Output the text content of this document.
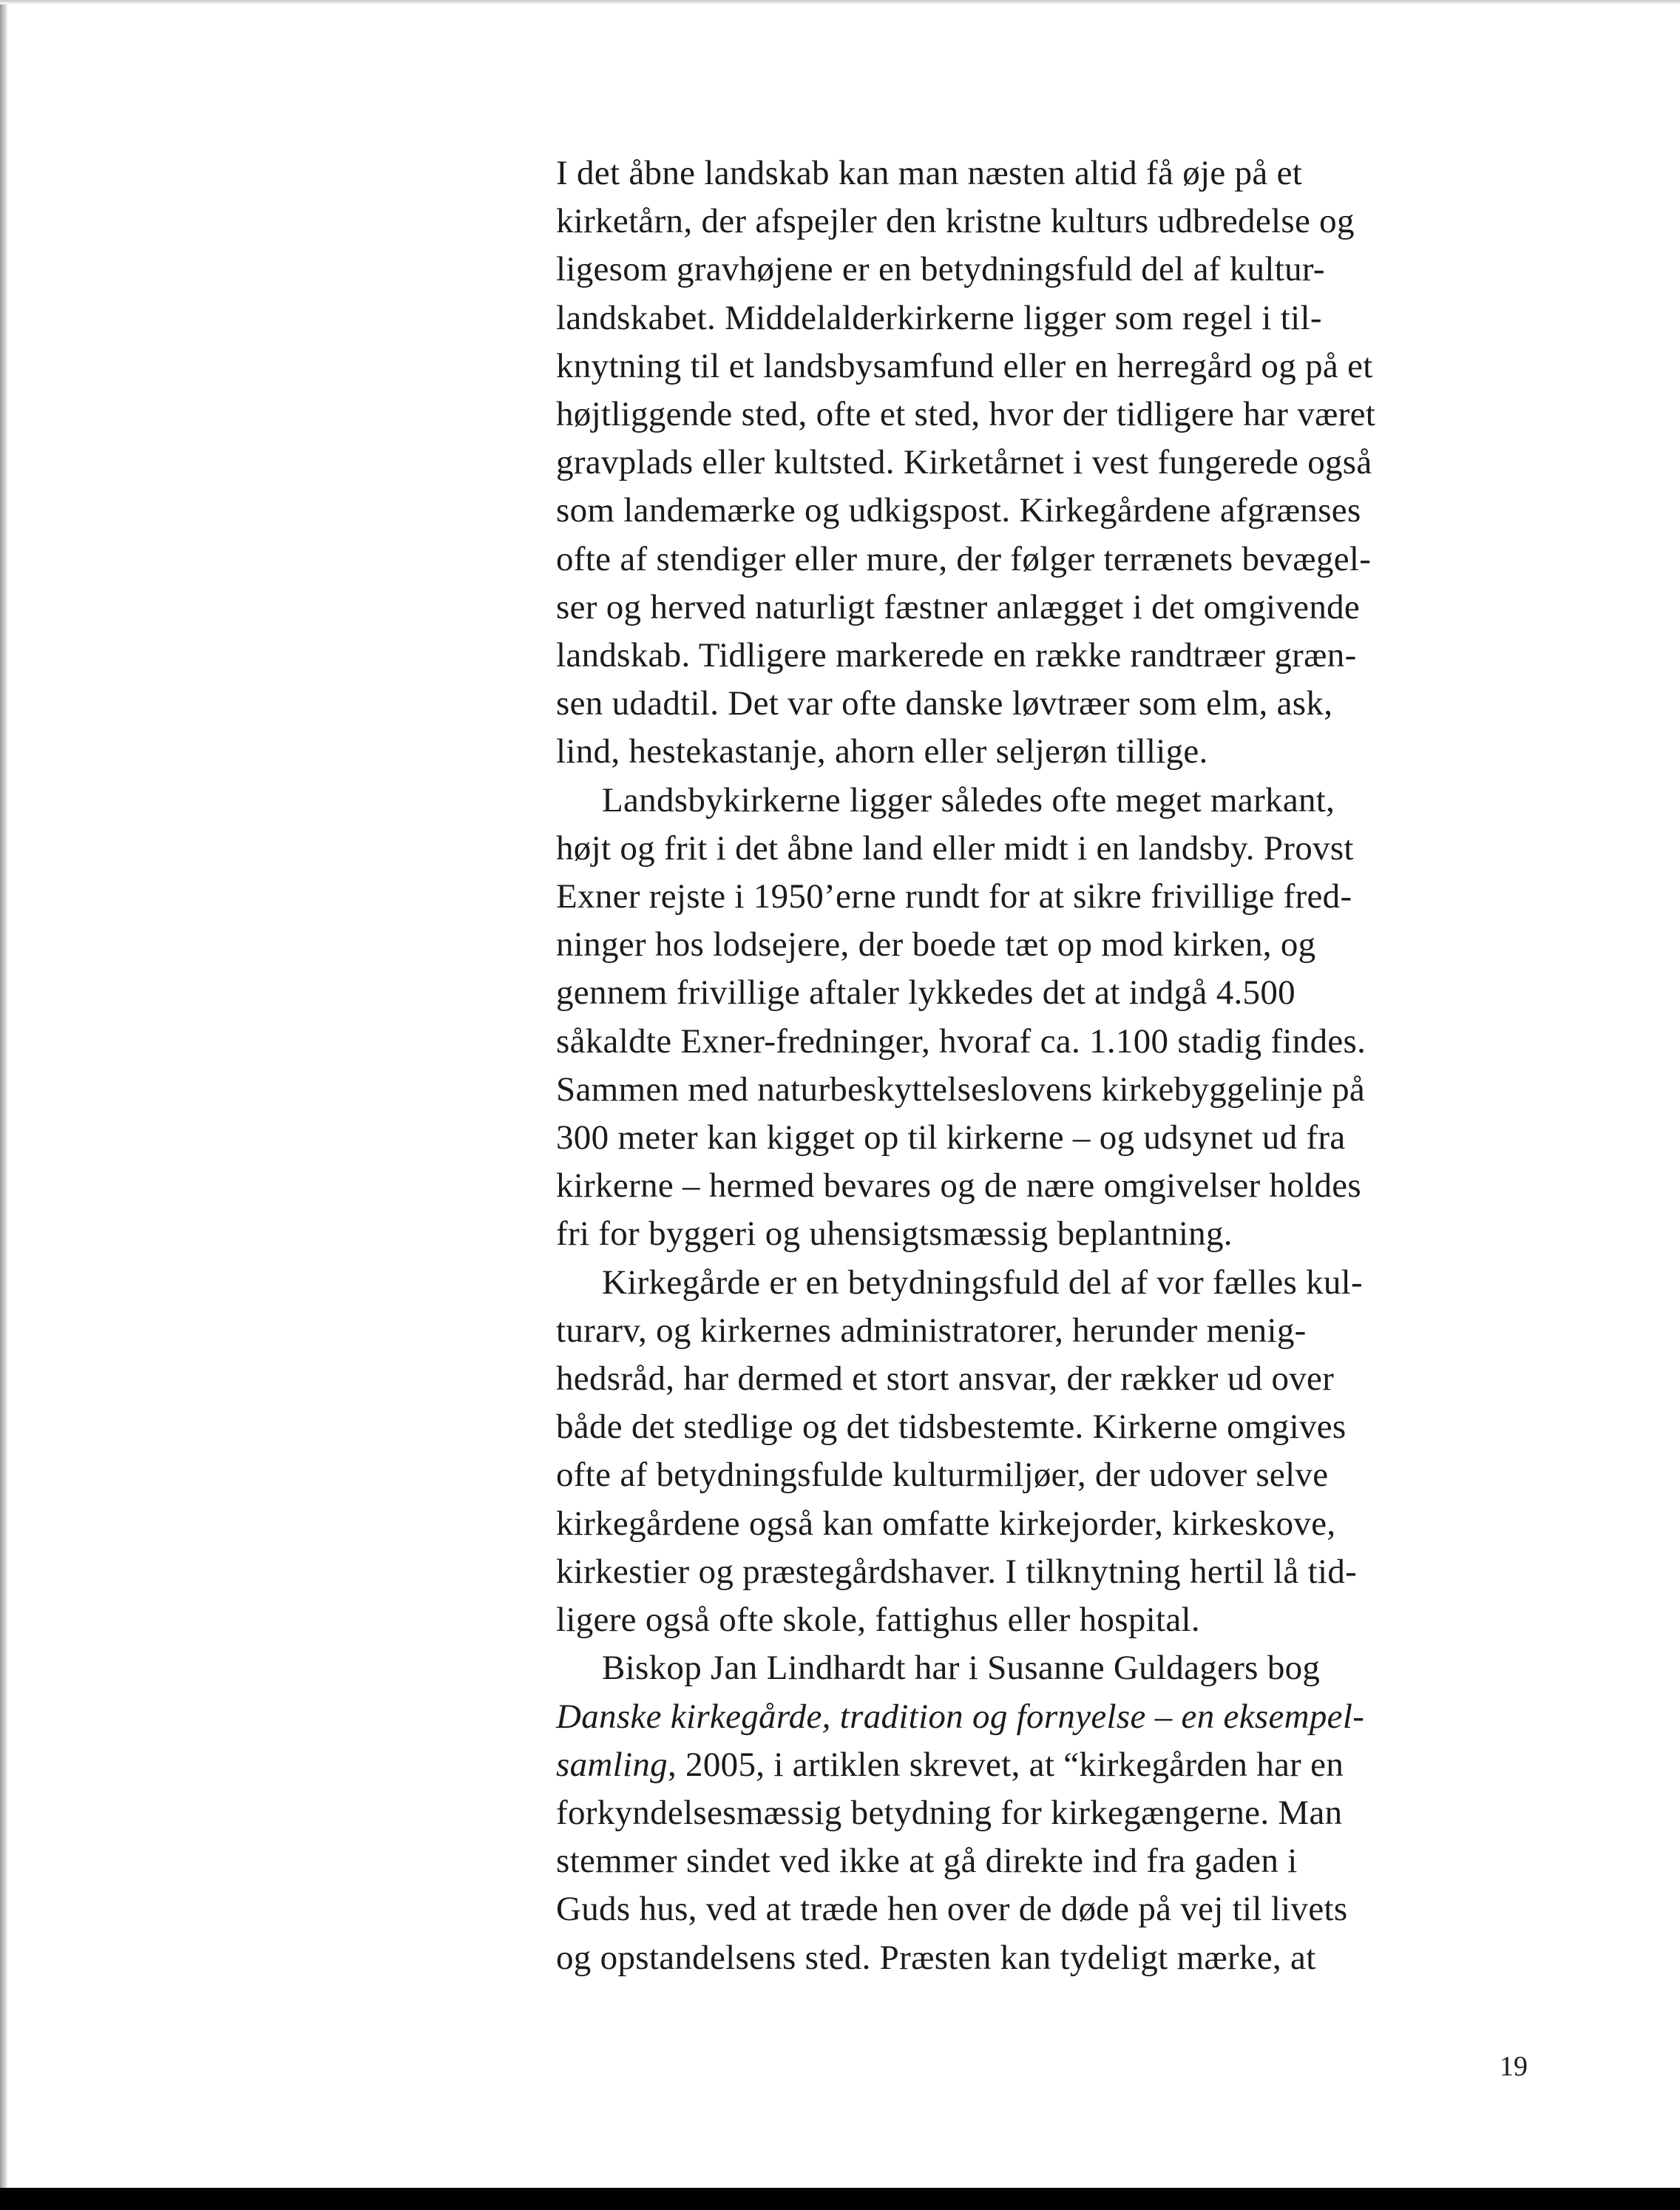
I det åbne landskab kan man næsten altid få øje på et
kirketårn, der afspejler den kristne kulturs udbredelse og
ligesom gravhøjene er en betydningsfuld del af kultur-
landskabet. Middelalderkirkerne ligger som regel i til-
knytning til et landsbysamfund eller en herregård og på et
højtliggende sted, ofte et sted, hvor der tidligere har været
gravplads eller kultsted. Kirketårnet i vest fungerede også
som landemærke og udkigspost. Kirkegårdene afgrænses
ofte af stendiger eller mure, der følger terrænets bevægel-
ser og herved naturligt fæstner anlægget i det omgivende
landskab. Tidligere markerede en række randtræer græn-
sen udadtil. Det var ofte danske løvtræer som elm, ask,
lind, hestekastanje, ahorn eller seljerøn tillige.
Landsbykirkerne ligger således ofte meget markant,
højt og frit i det åbne land eller midt i en landsby. Provst
Exner rejste i 1950’erne rundt for at sikre frivillige fred-
ninger hos lodsejere, der boede tæt op mod kirken, og
gennem frivillige aftaler lykkedes det at indgå 4.500
såkaldte Exner-fredninger, hvoraf ca. 1.100 stadig findes.
Sammen med naturbeskyttelseslovens kirkebyggelinje på
300 meter kan kigget op til kirkerne – og udsynet ud fra
kirkerne – hermed bevares og de nære omgivelser holdes
fri for byggeri og uhensigtsmæssig beplantning.
Kirkegårde er en betydningsfuld del af vor fælles kul-
turarv, og kirkernes administratorer, herunder menig-
hedsråd, har dermed et stort ansvar, der rækker ud over
både det stedlige og det tidsbestemte. Kirkerne omgives
ofte af betydningsfulde kulturmiljøer, der udover selve
kirkegårdene også kan omfatte kirkejorder, kirkeskove,
kirkestier og præstegårdshaver. I tilknytning hertil lå tid-
ligere også ofte skole, fattighus eller hospital.
Biskop Jan Lindhardt har i Susanne Guldagers bog
Danske kirkegårde, tradition og fornyelse – en eksempel-
samling, 2005, i artiklen skrevet, at “kirkegården har en
forkyndelsesmæssig betydning for kirkegængerne. Man
stemmer sindet ved ikke at gå direkte ind fra gaden i
Guds hus, ved at træde hen over de døde på vej til livets
og opstandelsens sted. Præsten kan tydeligt mærke, at
19
